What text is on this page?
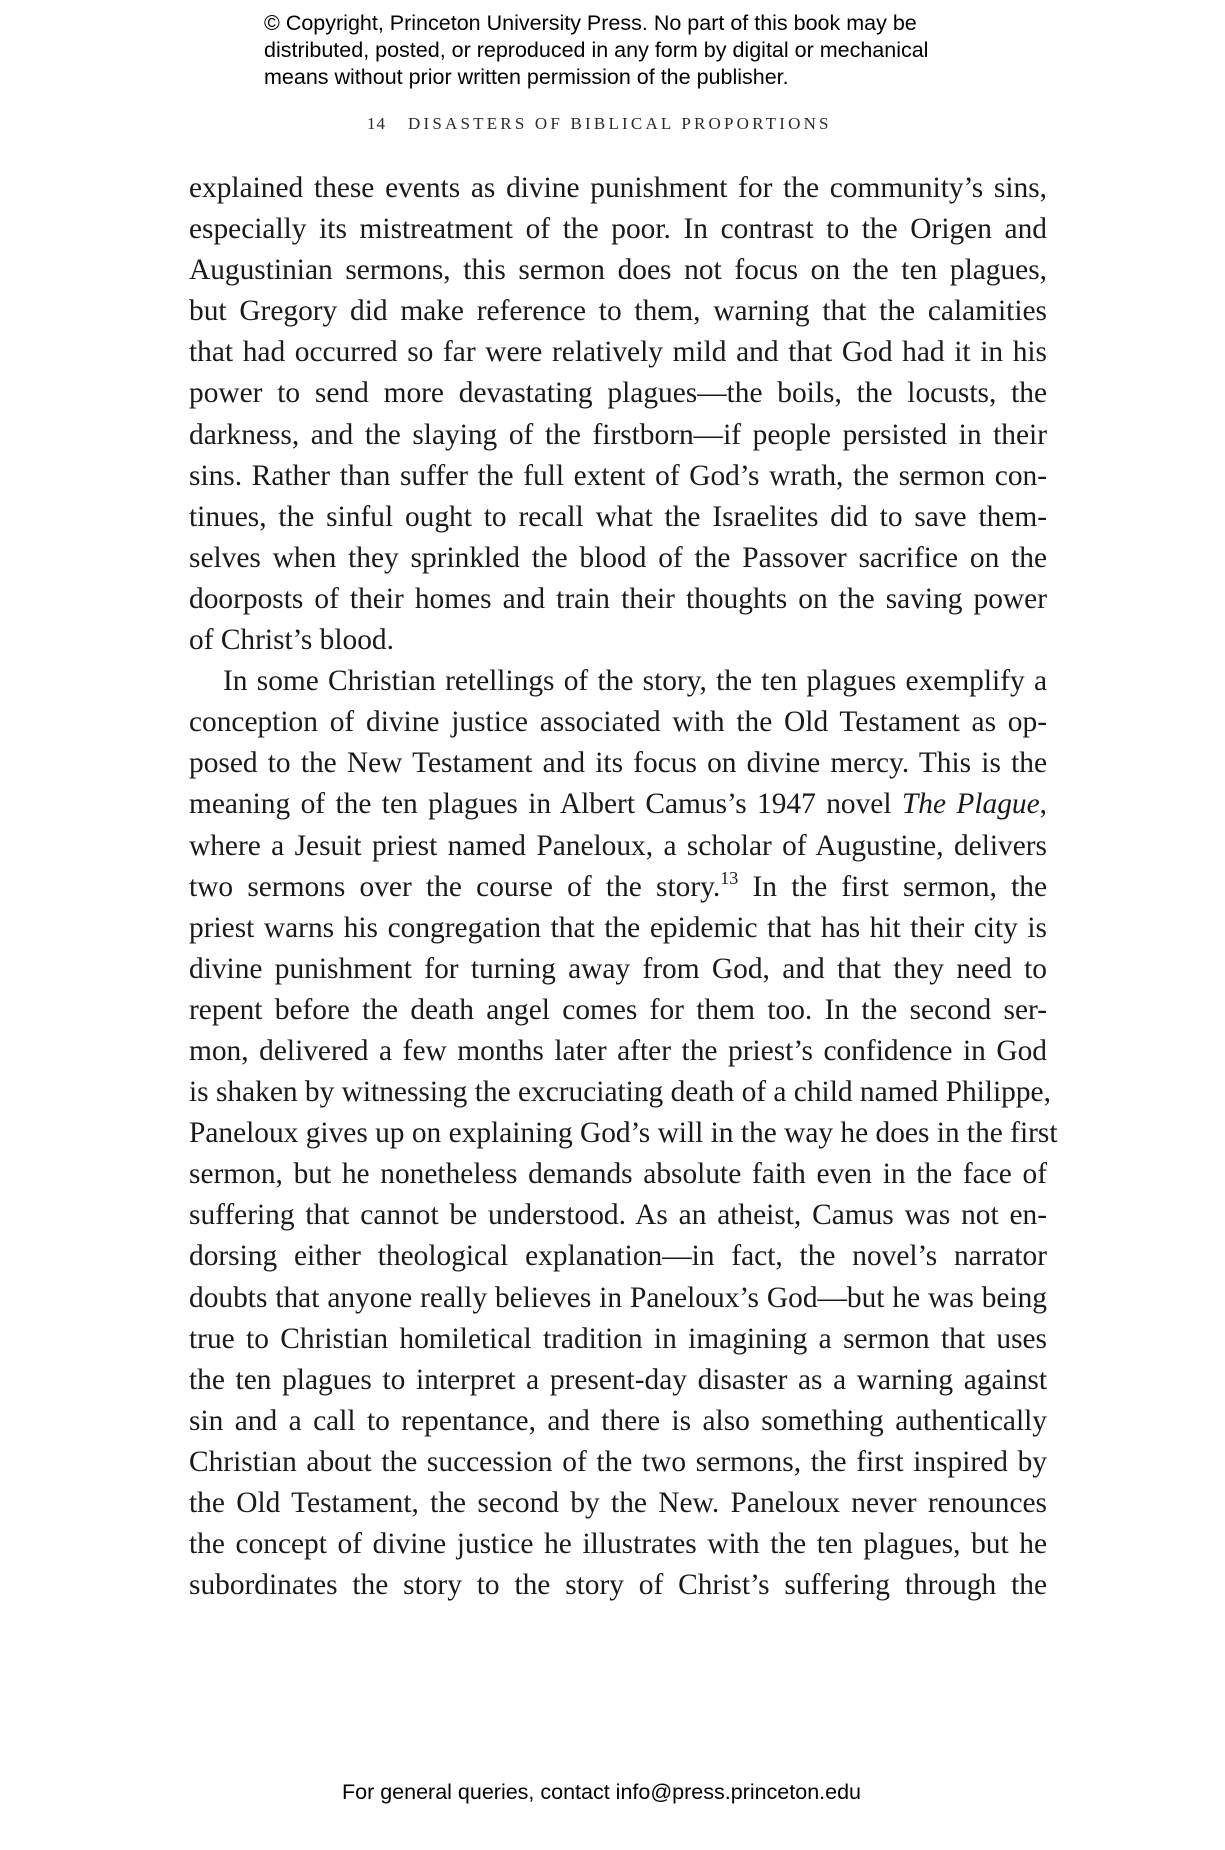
© Copyright, Princeton University Press. No part of this book may be
distributed, posted, or reproduced in any form by digital or mechanical
means without prior written permission of the publisher.
14 DISASTERS OF BIBLICAL PROPORTIONS
explained these events as divine punishment for the community’s sins,
especially its mistreatment of the poor. In contrast to the Origen and
Augustinian sermons, this sermon does not focus on the ten plagues,
but Gregory did make reference to them, warning that the calamities
that had occurred so far were relatively mild and that God had it in his
power to send more devastating plagues—the boils, the locusts, the
darkness, and the slaying of the firstborn—if people persisted in their
sins. Rather than suffer the full extent of God’s wrath, the sermon con-
tinues, the sinful ought to recall what the Israelites did to save them-
selves when they sprinkled the blood of the Passover sacrifice on the
doorposts of their homes and train their thoughts on the saving power
of Christ’s blood.
In some Christian retellings of the story, the ten plagues exemplify a
conception of divine justice associated with the Old Testament as op-
posed to the New Testament and its focus on divine mercy. This is the
meaning of the ten plagues in Albert Camus’s 1947 novel The Plague,
where a Jesuit priest named Paneloux, a scholar of Augustine, delivers
two sermons over the course of the story.$^{13}$ In the first sermon, the
priest warns his congregation that the epidemic that has hit their city is
divine punishment for turning away from God, and that they need to
repent before the death angel comes for them too. In the second ser-
mon, delivered a few months later after the priest’s confidence in God
is shaken by witnessing the excruciating death of a child named Philippe,
Paneloux gives up on explaining God’s will in the way he does in the first
sermon, but he nonetheless demands absolute faith even in the face of
suffering that cannot be understood. As an atheist, Camus was not en-
dorsing either theological explanation—in fact, the novel’s narrator
doubts that anyone really believes in Paneloux’s God—but he was being
true to Christian homiletical tradition in imagining a sermon that uses
the ten plagues to interpret a present-day disaster as a warning against
sin and a call to repentance, and there is also something authentically
Christian about the succession of the two sermons, the first inspired by
the Old Testament, the second by the New. Paneloux never renounces
the concept of divine justice he illustrates with the ten plagues, but he
subordinates the story to the story of Christ’s suffering through the
For general queries, contact info@press.princeton.edu
